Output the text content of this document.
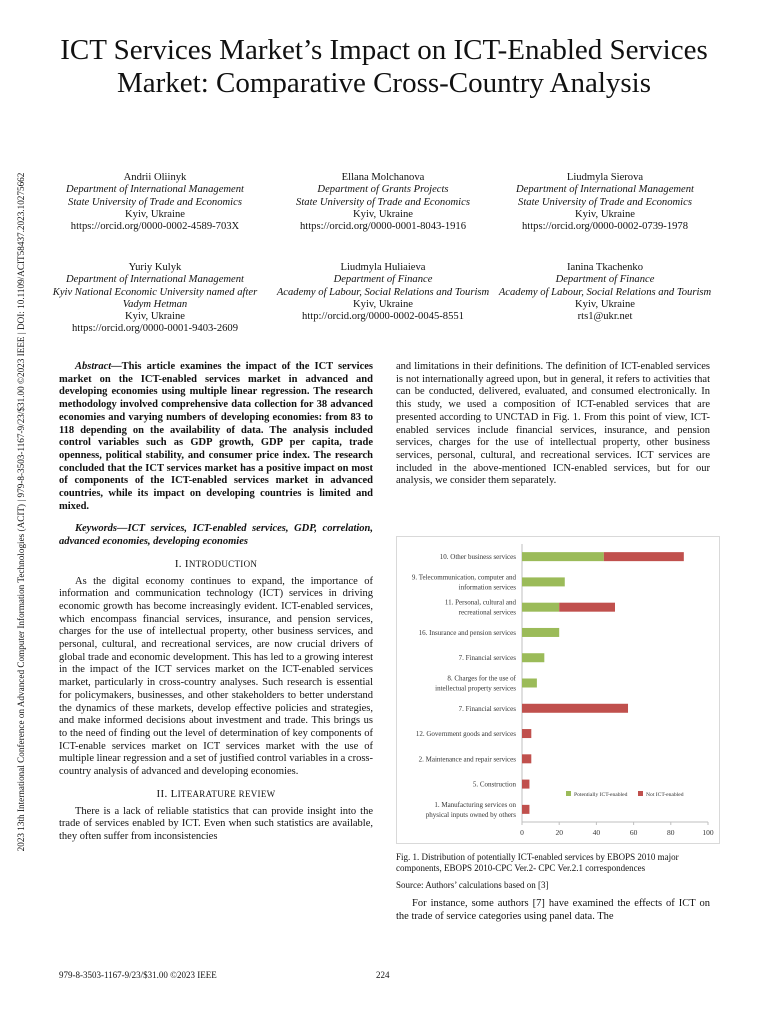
ICT Services Market’s Impact on ICT-Enabled Services Market: Comparative Cross-Country Analysis
2023 13th International Conference on Advanced Computer Information Technologies (ACIT) | 979-8-3503-1167-9/23/$31.00 ©2023 IEEE | DOI: 10.1109/ACIT58437.2023.10275662	Andrii Oliinyk
Department of International Management
State University of Trade and Economics
Kyiv, Ukraine
https://orcid.org/0000-0002-4589-703X
Ellana Molchanova
Department of Grants Projects
State University of Trade and Economics
Kyiv, Ukraine
https://orcid.org/0000-0001-8043-1916
Liudmyla Sierova
Department of International Management
State University of Trade and Economics
Kyiv, Ukraine
https://orcid.org/0000-0002-0739-1978
Yuriy Kulyk
Department of International Management
Kyiv National Economic University named after Vadym Hetman
Kyiv, Ukraine
https://orcid.org/0000-0001-9403-2609
Liudmyla Huliaieva
Department of Finance
Academy of Labour, Social Relations and Tourism
Kyiv, Ukraine
http://orcid.org/0000-0002-0045-8551
Ianina Tkachenko
Department of Finance
Academy of Labour, Social Relations and Tourism
Kyiv, Ukraine
rts1@ukr.net

Abstract—This article examines the impact of the ICT services market on the ICT-enabled services market in advanced and developing economies using multiple linear regression. The research methodology involved comprehensive data collection for 38 advanced economies and varying numbers of developing economies: from 83 to 118 depending on the availability of data. The analysis included control variables such as GDP growth, GDP per capita, trade openness, political stability, and consumer price index. The research concluded that the ICT services market has a positive impact on most of components of the ICT-enabled services market in advanced countries, while its impact on developing countries is limited and mixed.

Keywords—ICT services, ICT-enabled services, GDP, correlation, advanced economies, developing economies

I. INTRODUCTION

As the digital economy continues to expand, the importance of information and communication technology (ICT) services in driving economic growth has become increasingly evident. ICT-enabled services, which encompass financial services, insurance, and pension services, charges for the use of intellectual property, other business services, and personal, cultural, and recreational services, are now crucial drivers of global trade and economic development. This has led to a growing interest in the impact of the ICT services market on the ICT-enabled services market, particularly in cross-country analyses. Such research is essential for policymakers, businesses, and other stakeholders to better understand the dynamics of these markets, develop effective policies and strategies, and make informed decisions about investment and trade. This brings us to the need of finding out the level of determination of key components of ICT-enable services market on ICT services market with the use of multiple linear regression and a set of justified control variables in a cross-country analysis of advanced and developing economies.

II. LITEARATURE REVIEW

There is a lack of reliable statistics that can provide insight into the trade of services enabled by ICT. Even when such statistics are available, they often suffer from inconsistencies

and limitations in their definitions. The definition of ICT-enabled services is not internationally agreed upon, but in general, it refers to activities that can be conducted, delivered, evaluated, and consumed electronically. In this study, we used a composition of ICT-enabled services that are presented according to UNCTAD in Fig. 1. From this point of view, ICT-enabled services include financial services, insurance, and pension services, charges for the use of intellectual property, other business services, personal, cultural, and recreational services. ICT services are included in the above-mentioned ICN-enabled services, but for our analysis, we consider them separately.

10. Other business services
9. Telecommunication, computer and information services
11. Personal, cultural and recreational services
16. Insurance and pension services
7. Financial services
8. Charges for the use of intellectual property services
7. Financial services
12. Government goods and services
2. Maintenance and repair services
5. Construction
1. Manufacturing services on physical inputs owned by others
0	20	40	60	80	100
Potentially ICT-enabled	Not ICT-enabled
Fig. 1. Distribution of potentially ICT-enabled services by EBOPS 2010 major components, EBOPS 2010-CPC Ver.2- CPC Ver.2.1 correspondences
Source: Authors’ calculations based on [3]
For instance, some authors [7] have examined the effects of ICT on the trade of service categories using panel data. The
979-8-3503-1167-9/23/$31.00 ©2023 IEEE	224
